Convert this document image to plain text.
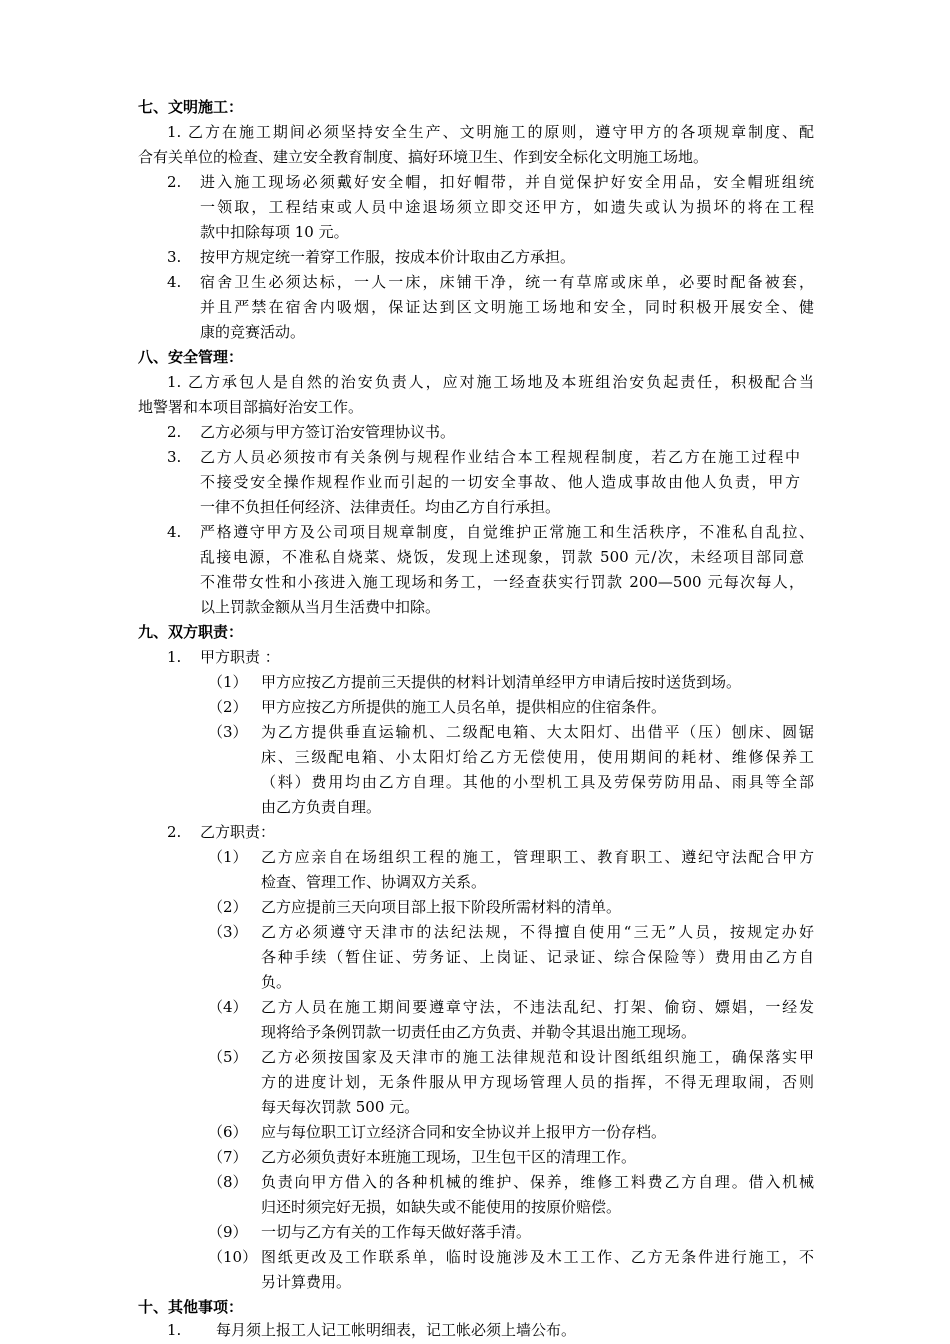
七、文明施工：
1. 乙方在施工期间必须坚持安全生产、文明施工的原则，遵守甲方的各项规章制度、配
合有关单位的检查、建立安全教育制度、搞好环境卫生、作到安全标化文明施工场地。
2. 进入施工现场必须戴好安全帽，扣好帽带，并自觉保护好安全用品，安全帽班组统
一领取，工程结束或人员中途退场须立即交还甲方，如遗失或认为损坏的将在工程
款中扣除每项 10 元。
3. 按甲方规定统一着穿工作服，按成本价计取由乙方承担。
4. 宿舍卫生必须达标，一人一床，床铺干净，统一有草席或床单，必要时配备被套，
并且严禁在宿舍内吸烟，保证达到区文明施工场地和安全，同时积极开展安全、健
康的竞赛活动。
八、安全管理：
1. 乙方承包人是自然的治安负责人，应对施工场地及本班组治安负起责任，积极配合当
地警署和本项目部搞好治安工作。
2. 乙方必须与甲方签订治安管理协议书。
3. 乙方人员必须按市有关条例与规程作业结合本工程规程制度，若乙方在施工过程中
不接受安全操作规程作业而引起的一切安全事故、他人造成事故由他人负责，甲方
一律不负担任何经济、法律责任。均由乙方自行承担。
4. 严格遵守甲方及公司项目规章制度，自觉维护正常施工和生活秩序，不准私自乱拉、
乱接电源，不准私自烧菜、烧饭，发现上述现象，罚款 500 元/次，未经项目部同意
不准带女性和小孩进入施工现场和务工，一经查获实行罚款 200—500 元每次每人，
以上罚款金额从当月生活费中扣除。
九、双方职责：
1. 甲方职责 ：
（1） 甲方应按乙方提前三天提供的材料计划清单经甲方申请后按时送货到场。
（2） 甲方应按乙方所提供的施工人员名单，提供相应的住宿条件。
（3） 为乙方提供垂直运输机、二级配电箱、大太阳灯、出借平（压）刨床、圆锯
床、三级配电箱、小太阳灯给乙方无偿使用，使用期间的耗材、维修保养工
（料）费用均由乙方自理。其他的小型机工具及劳保劳防用品、雨具等全部
由乙方负责自理。
2. 乙方职责：
（1） 乙方应亲自在场组织工程的施工，管理职工、教育职工、遵纪守法配合甲方
检查、管理工作、协调双方关系。
（2） 乙方应提前三天向项目部上报下阶段所需材料的清单。
（3） 乙方必须遵守天津市的法纪法规，不得擅自使用“三无”人员，按规定办好
各种手续（暂住证、劳务证、上岗证、记录证、综合保险等）费用由乙方自
负。
（4） 乙方人员在施工期间要遵章守法，不违法乱纪、打架、偷窃、嫖娼，一经发
现将给予条例罚款一切责任由乙方负责、并勒令其退出施工现场。
（5） 乙方必须按国家及天津市的施工法律规范和设计图纸组织施工，确保落实甲
方的进度计划，无条件服从甲方现场管理人员的指挥，不得无理取闹，否则
每天每次罚款 500 元。
（6） 应与每位职工订立经济合同和安全协议并上报甲方一份存档。
（7） 乙方必须负责好本班施工现场，卫生包干区的清理工作。
（8） 负责向甲方借入的各种机械的维护、保养，维修工料费乙方自理。借入机械
归还时须完好无损，如缺失或不能使用的按原价赔偿。
（9） 一切与乙方有关的工作每天做好落手清。
（10） 图纸更改及工作联系单，临时设施涉及木工工作、乙方无条件进行施工，不
另计算费用。
十、其他事项：
1. 每月须上报工人记工帐明细表，记工帐必须上墙公布。
